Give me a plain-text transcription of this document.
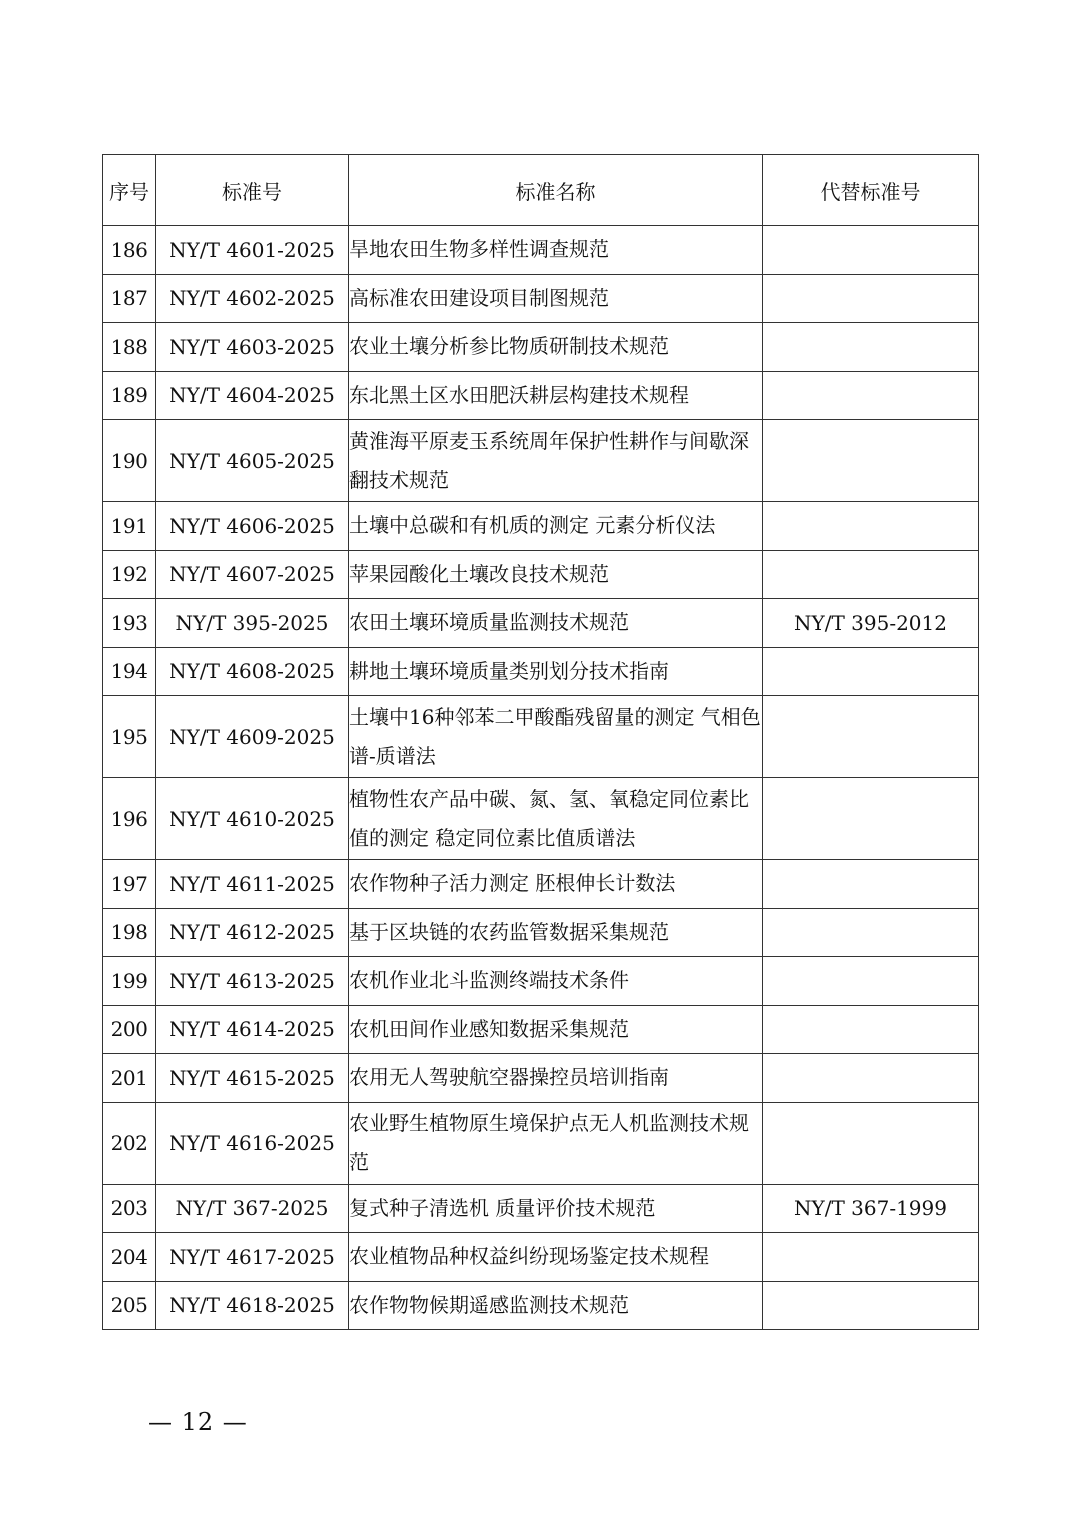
序号	标准号	标准名称	代替标准号
186	NY/T 4601-2025	旱地农田生物多样性调查规范	
187	NY/T 4602-2025	高标准农田建设项目制图规范	
188	NY/T 4603-2025	农业土壤分析参比物质研制技术规范	
189	NY/T 4604-2025	东北黑土区水田肥沃耕层构建技术规程	
190	NY/T 4605-2025	黄淮海平原麦玉系统周年保护性耕作与间歇深翻技术规范	
191	NY/T 4606-2025	土壤中总碳和有机质的测定 元素分析仪法	
192	NY/T 4607-2025	苹果园酸化土壤改良技术规范	
193	NY/T 395-2025	农田土壤环境质量监测技术规范	NY/T 395-2012
194	NY/T 4608-2025	耕地土壤环境质量类别划分技术指南	
195	NY/T 4609-2025	土壤中16种邻苯二甲酸酯残留量的测定 气相色谱-质谱法	
196	NY/T 4610-2025	植物性农产品中碳、氮、氢、氧稳定同位素比值的测定 稳定同位素比值质谱法	
197	NY/T 4611-2025	农作物种子活力测定 胚根伸长计数法	
198	NY/T 4612-2025	基于区块链的农药监管数据采集规范	
199	NY/T 4613-2025	农机作业北斗监测终端技术条件	
200	NY/T 4614-2025	农机田间作业感知数据采集规范	
201	NY/T 4615-2025	农用无人驾驶航空器操控员培训指南	
202	NY/T 4616-2025	农业野生植物原生境保护点无人机监测技术规范	
203	NY/T 367-2025	复式种子清选机 质量评价技术规范	NY/T 367-1999
204	NY/T 4617-2025	农业植物品种权益纠纷现场鉴定技术规程	
205	NY/T 4618-2025	农作物物候期遥感监测技术规范	
— 12 —
